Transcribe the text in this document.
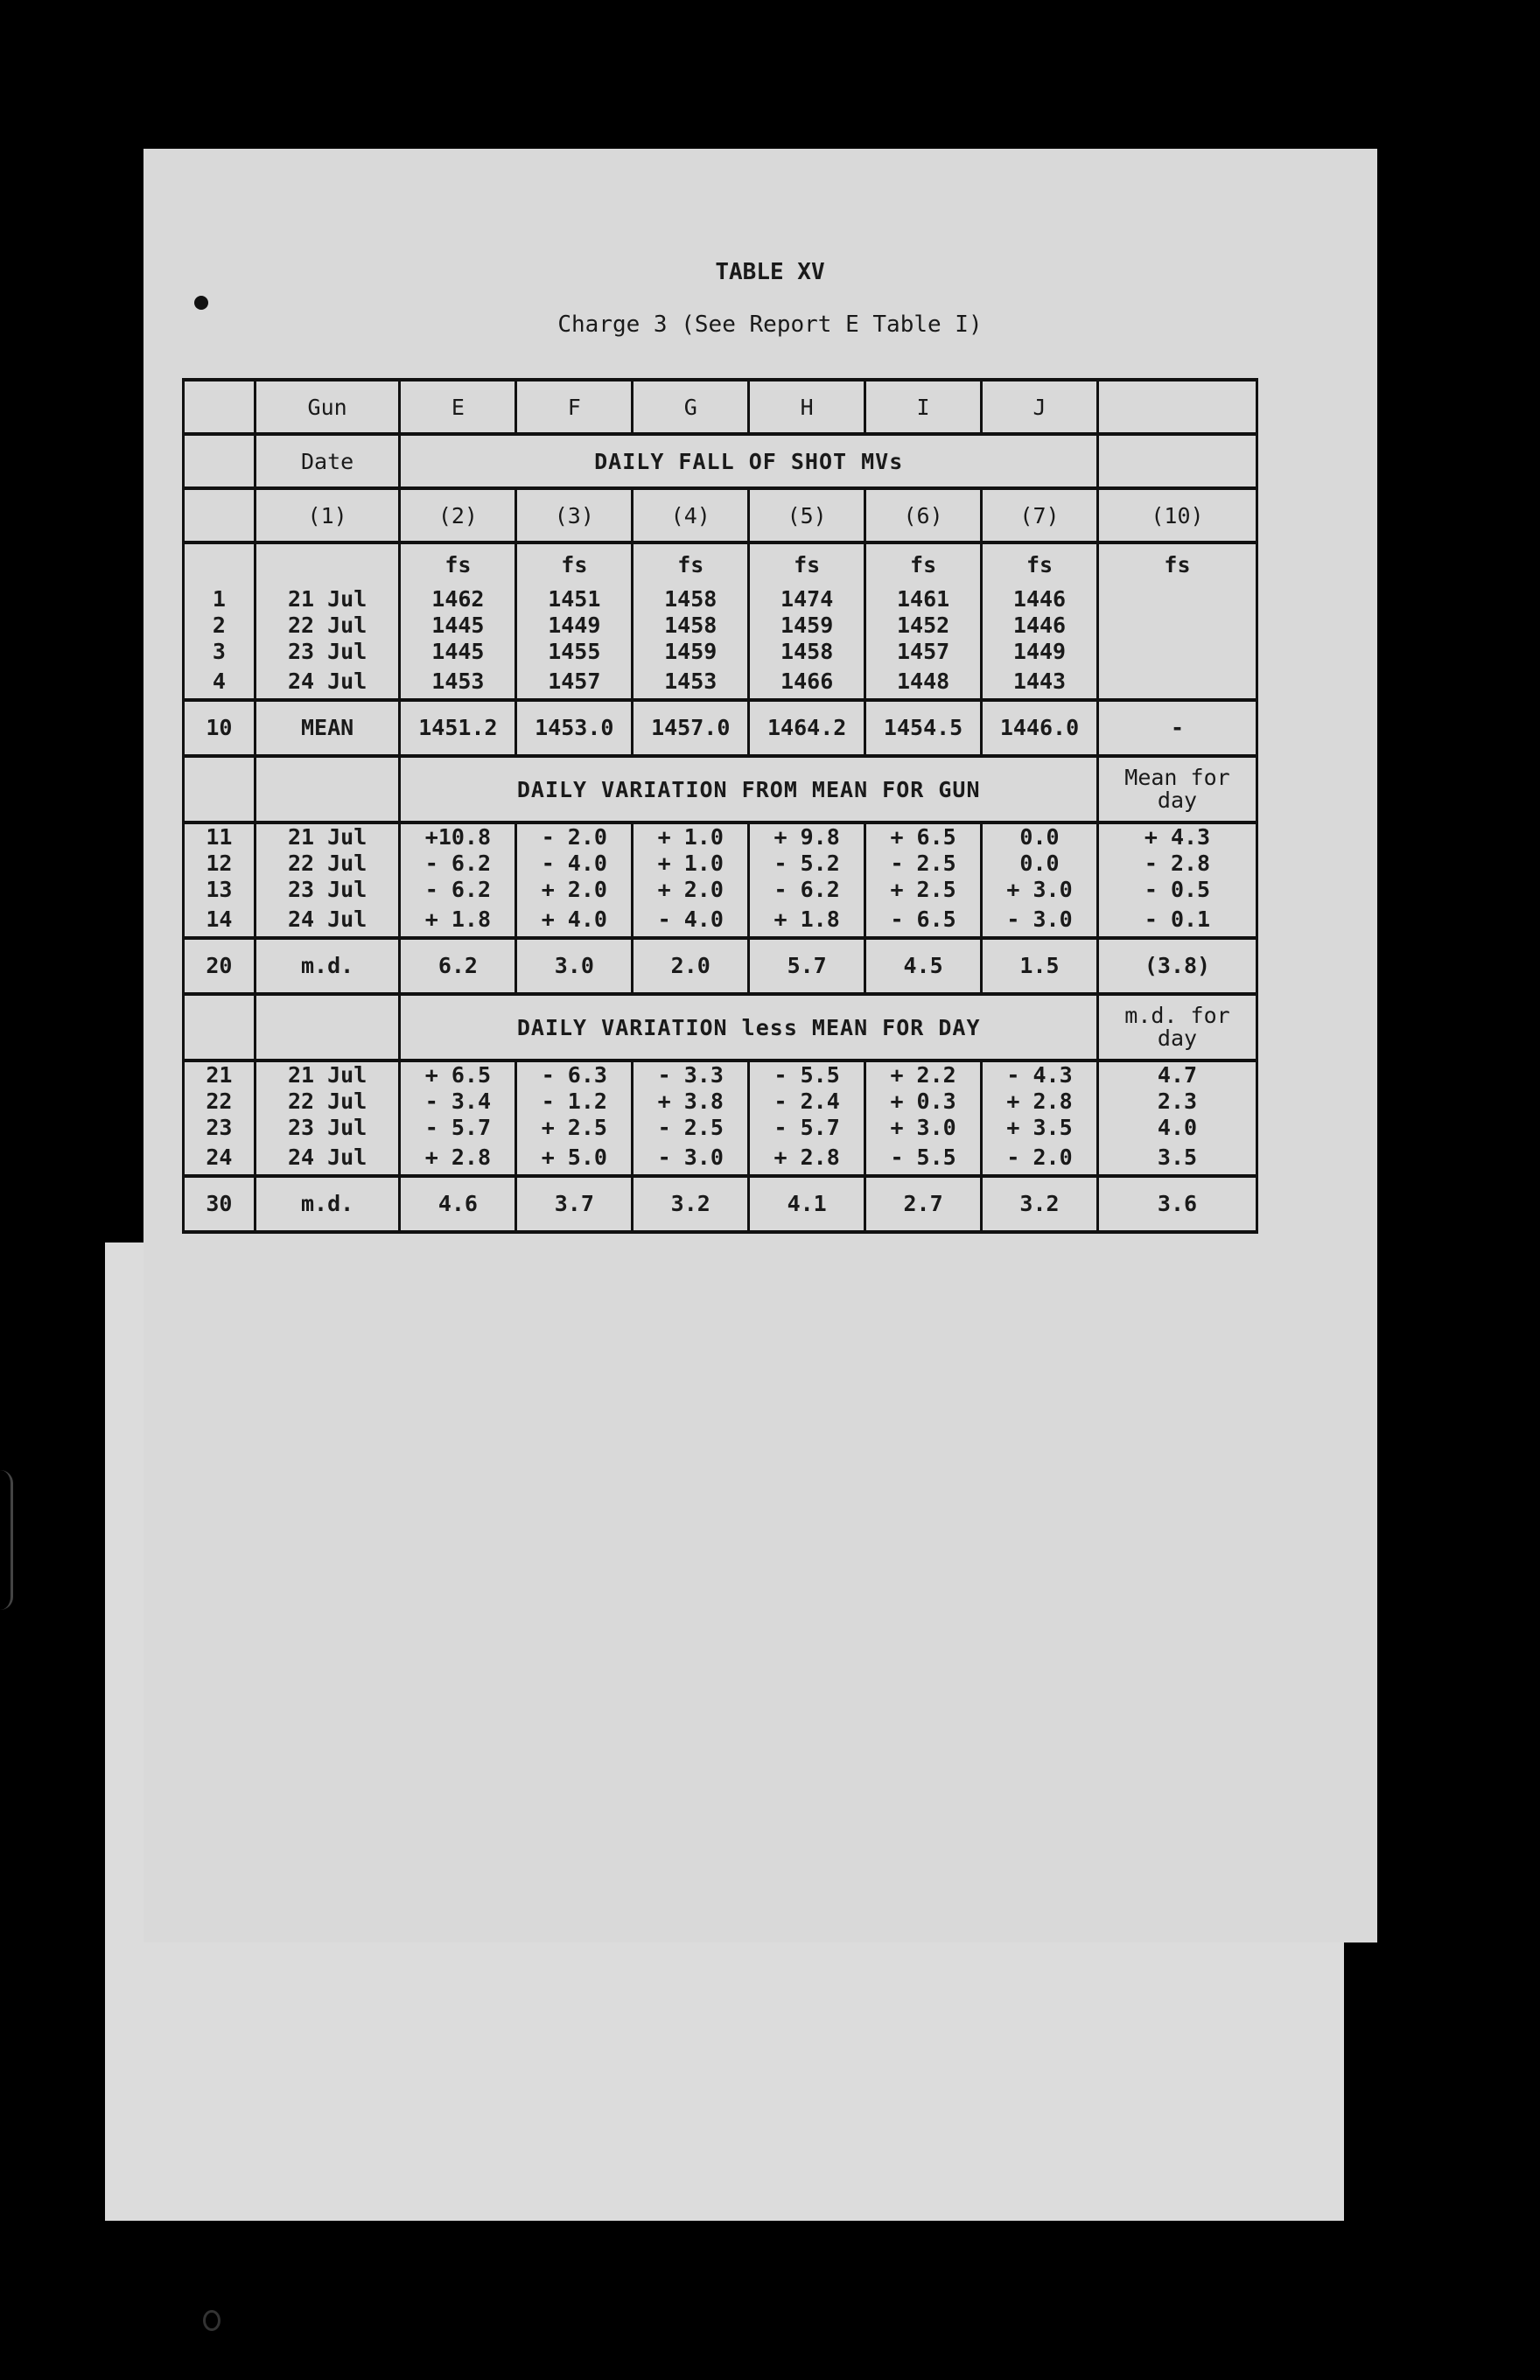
TABLE XV
Charge 3 (See Report E Table I)
	Gun	E	F	G	H	I	J	
	Date	DAILY FALL OF SHOT MVs						
	(1)	(2)	(3)	(4)	(5)	(6)	(7)	(10)
		fs	fs	fs	fs	fs	fs	fs
1	21 Jul	1462	1451	1458	1474	1461	1446	
2	22 Jul	1445	1449	1458	1459	1452	1446	
3	23 Jul	1445	1455	1459	1458	1457	1449	
4	24 Jul	1453	1457	1453	1466	1448	1443	
10	MEAN	1451.2	1453.0	1457.0	1464.2	1454.5	1446.0	-
		DAILY VARIATION FROM MEAN FOR GUN						Mean for day
11	21 Jul	+10.8	- 2.0	+ 1.0	+ 9.8	+ 6.5	0.0	+ 4.3
12	22 Jul	- 6.2	- 4.0	+ 1.0	- 5.2	- 2.5	0.0	- 2.8
13	23 Jul	- 6.2	+ 2.0	+ 2.0	- 6.2	+ 2.5	+ 3.0	- 0.5
14	24 Jul	+ 1.8	+ 4.0	- 4.0	+ 1.8	- 6.5	- 3.0	- 0.1
20	m.d.	6.2	3.0	2.0	5.7	4.5	1.5	(3.8)
		DAILY VARIATION less MEAN FOR DAY						m.d. for day
21	21 Jul	+ 6.5	- 6.3	- 3.3	- 5.5	+ 2.2	- 4.3	4.7
22	22 Jul	- 3.4	- 1.2	+ 3.8	- 2.4	+ 0.3	+ 2.8	2.3
23	23 Jul	- 5.7	+ 2.5	- 2.5	- 5.7	+ 3.0	+ 3.5	4.0
24	24 Jul	+ 2.8	+ 5.0	- 3.0	+ 2.8	- 5.5	- 2.0	3.5
30	m.d.	4.6	3.7	3.2	4.1	2.7	3.2	3.6
